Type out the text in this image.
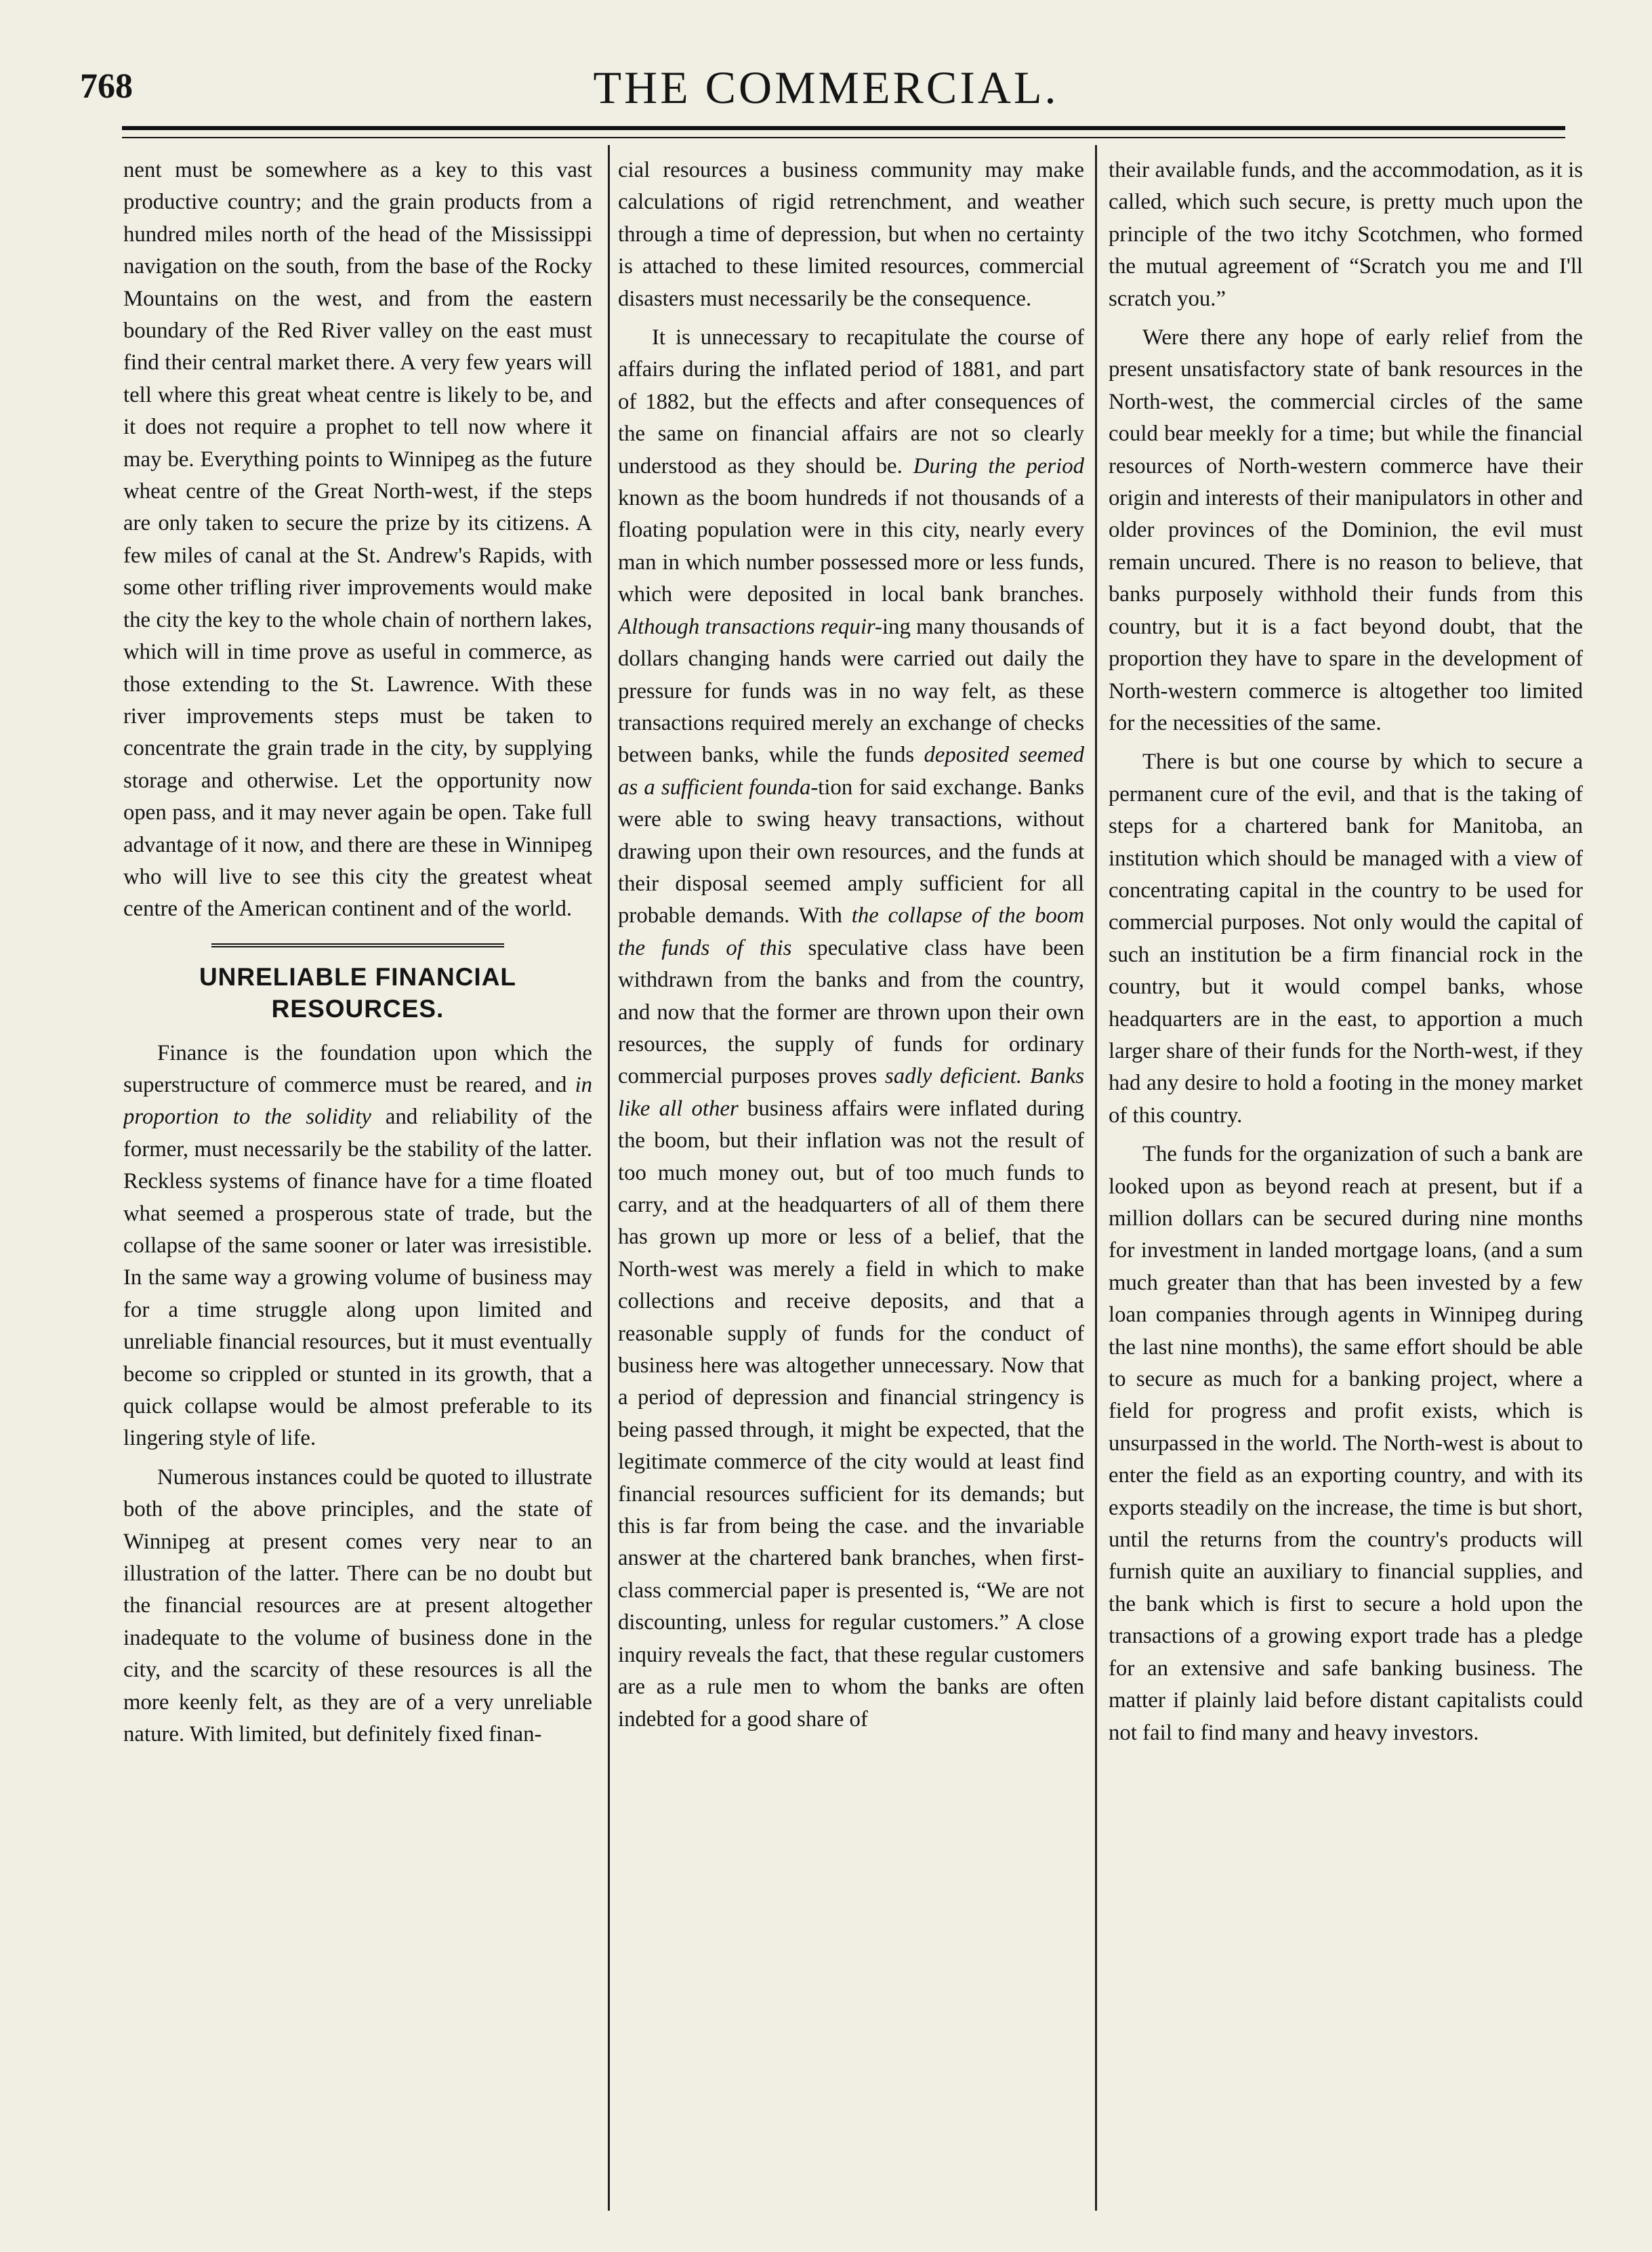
768	THE COMMERCIAL.

nent must be somewhere as a key to this vast productive country; and the grain products from a hundred miles north of the head of the Mississippi navigation on the south, from the base of the Rocky Mountains on the west, and from the eastern boundary of the Red River valley on the east must find their central market there. A very few years will tell where this great wheat centre is likely to be, and it does not require a prophet to tell now where it may be. Everything points to Winnipeg as the future wheat centre of the Great North-west, if the steps are only taken to secure the prize by its citizens. A few miles of canal at the St. Andrew's Rapids, with some other trifling river improvements would make the city the key to the whole chain of northern lakes, which will in time prove as useful in commerce, as those extending to the St. Lawrence. With these river improvements steps must be taken to concentrate the grain trade in the city, by supplying storage and otherwise. Let the opportunity now open pass, and it may never again be open. Take full advantage of it now, and there are these in Winnipeg who will live to see this city the greatest wheat centre of the American continent and of the world.

UNRELIABLE FINANCIAL RESOURCES.

Finance is the foundation upon which the superstructure of commerce must be reared, and in proportion to the solidity and reliability of the former, must necessarily be the stability of the latter. Reckless systems of finance have for a time floated what seemed a prosperous state of trade, but the collapse of the same sooner or later was irresistible. In the same way a growing volume of business may for a time struggle along upon limited and unreliable financial resources, but it must eventually become so crippled or stunted in its growth, that a quick collapse would be almost preferable to its lingering style of life.

Numerous instances could be quoted to illustrate both of the above principles, and the state of Winnipeg at present comes very near to an illustration of the latter. There can be no doubt but the financial resources are at present altogether inadequate to the volume of business done in the city, and the scarcity of these resources is all the more keenly felt, as they are of a very unreliable nature. With limited, but definitely fixed finan-

cial resources a business community may make calculations of rigid retrenchment, and weather through a time of depression, but when no certainty is attached to these limited resources, commercial disasters must necessarily be the consequence.

It is unnecessary to recapitulate the course of affairs during the inflated period of 1881, and part of 1882, but the effects and after consequences of the same on financial affairs are not so clearly understood as they should be. During the period known as the boom hundreds if not thousands of a floating population were in this city, nearly every man in which number possessed more or less funds, which were deposited in local bank branches. Although transactions requir-ing many thousands of dollars changing hands were carried out daily the pressure for funds was in no way felt, as these transactions required merely an exchange of checks between banks, while the funds deposited seemed as a sufficient founda-tion for said exchange. Banks were able to swing heavy transactions, without drawing upon their own resources, and the funds at their disposal seemed amply sufficient for all probable demands. With the collapse of the boom the funds of this speculative class have been withdrawn from the banks and from the country, and now that the former are thrown upon their own resources, the supply of funds for ordinary commercial purposes proves sadly deficient. Banks like all other business affairs were inflated during the boom, but their inflation was not the result of too much money out, but of too much funds to carry, and at the headquarters of all of them there has grown up more or less of a belief, that the North-west was merely a field in which to make collections and receive deposits, and that a reasonable supply of funds for the conduct of business here was altogether unnecessary. Now that a period of depression and financial stringency is being passed through, it might be expected, that the legitimate commerce of the city would at least find financial resources sufficient for its demands; but this is far from being the case. and the invariable answer at the chartered bank branches, when first-class commercial paper is presented is, “We are not discounting, unless for regular customers.” A close inquiry reveals the fact, that these regular customers are as a rule men to whom the banks are often indebted for a good share of

their available funds, and the accommodation, as it is called, which such secure, is pretty much upon the principle of the two itchy Scotchmen, who formed the mutual agreement of “Scratch you me and I'll scratch you.”

Were there any hope of early relief from the present unsatisfactory state of bank resources in the North-west, the commercial circles of the same could bear meekly for a time; but while the financial resources of North-western commerce have their origin and interests of their manipulators in other and older provinces of the Dominion, the evil must remain uncured. There is no reason to believe, that banks purposely withhold their funds from this country, but it is a fact beyond doubt, that the proportion they have to spare in the development of North-western commerce is altogether too limited for the necessities of the same.

There is but one course by which to secure a permanent cure of the evil, and that is the taking of steps for a chartered bank for Manitoba, an institution which should be managed with a view of concentrating capital in the country to be used for commercial purposes. Not only would the capital of such an institution be a firm financial rock in the country, but it would compel banks, whose headquarters are in the east, to apportion a much larger share of their funds for the North-west, if they had any desire to hold a footing in the money market of this country.

The funds for the organization of such a bank are looked upon as beyond reach at present, but if a million dollars can be secured during nine months for investment in landed mortgage loans, (and a sum much greater than that has been invested by a few loan companies through agents in Winnipeg during the last nine months), the same effort should be able to secure as much for a banking project, where a field for progress and profit exists, which is unsurpassed in the world. The North-west is about to enter the field as an exporting country, and with its exports steadily on the increase, the time is but short, until the returns from the country's products will furnish quite an auxiliary to financial supplies, and the bank which is first to secure a hold upon the transactions of a growing export trade has a pledge for an extensive and safe banking business. The matter if plainly laid before distant capitalists could not fail to find many and heavy investors.
